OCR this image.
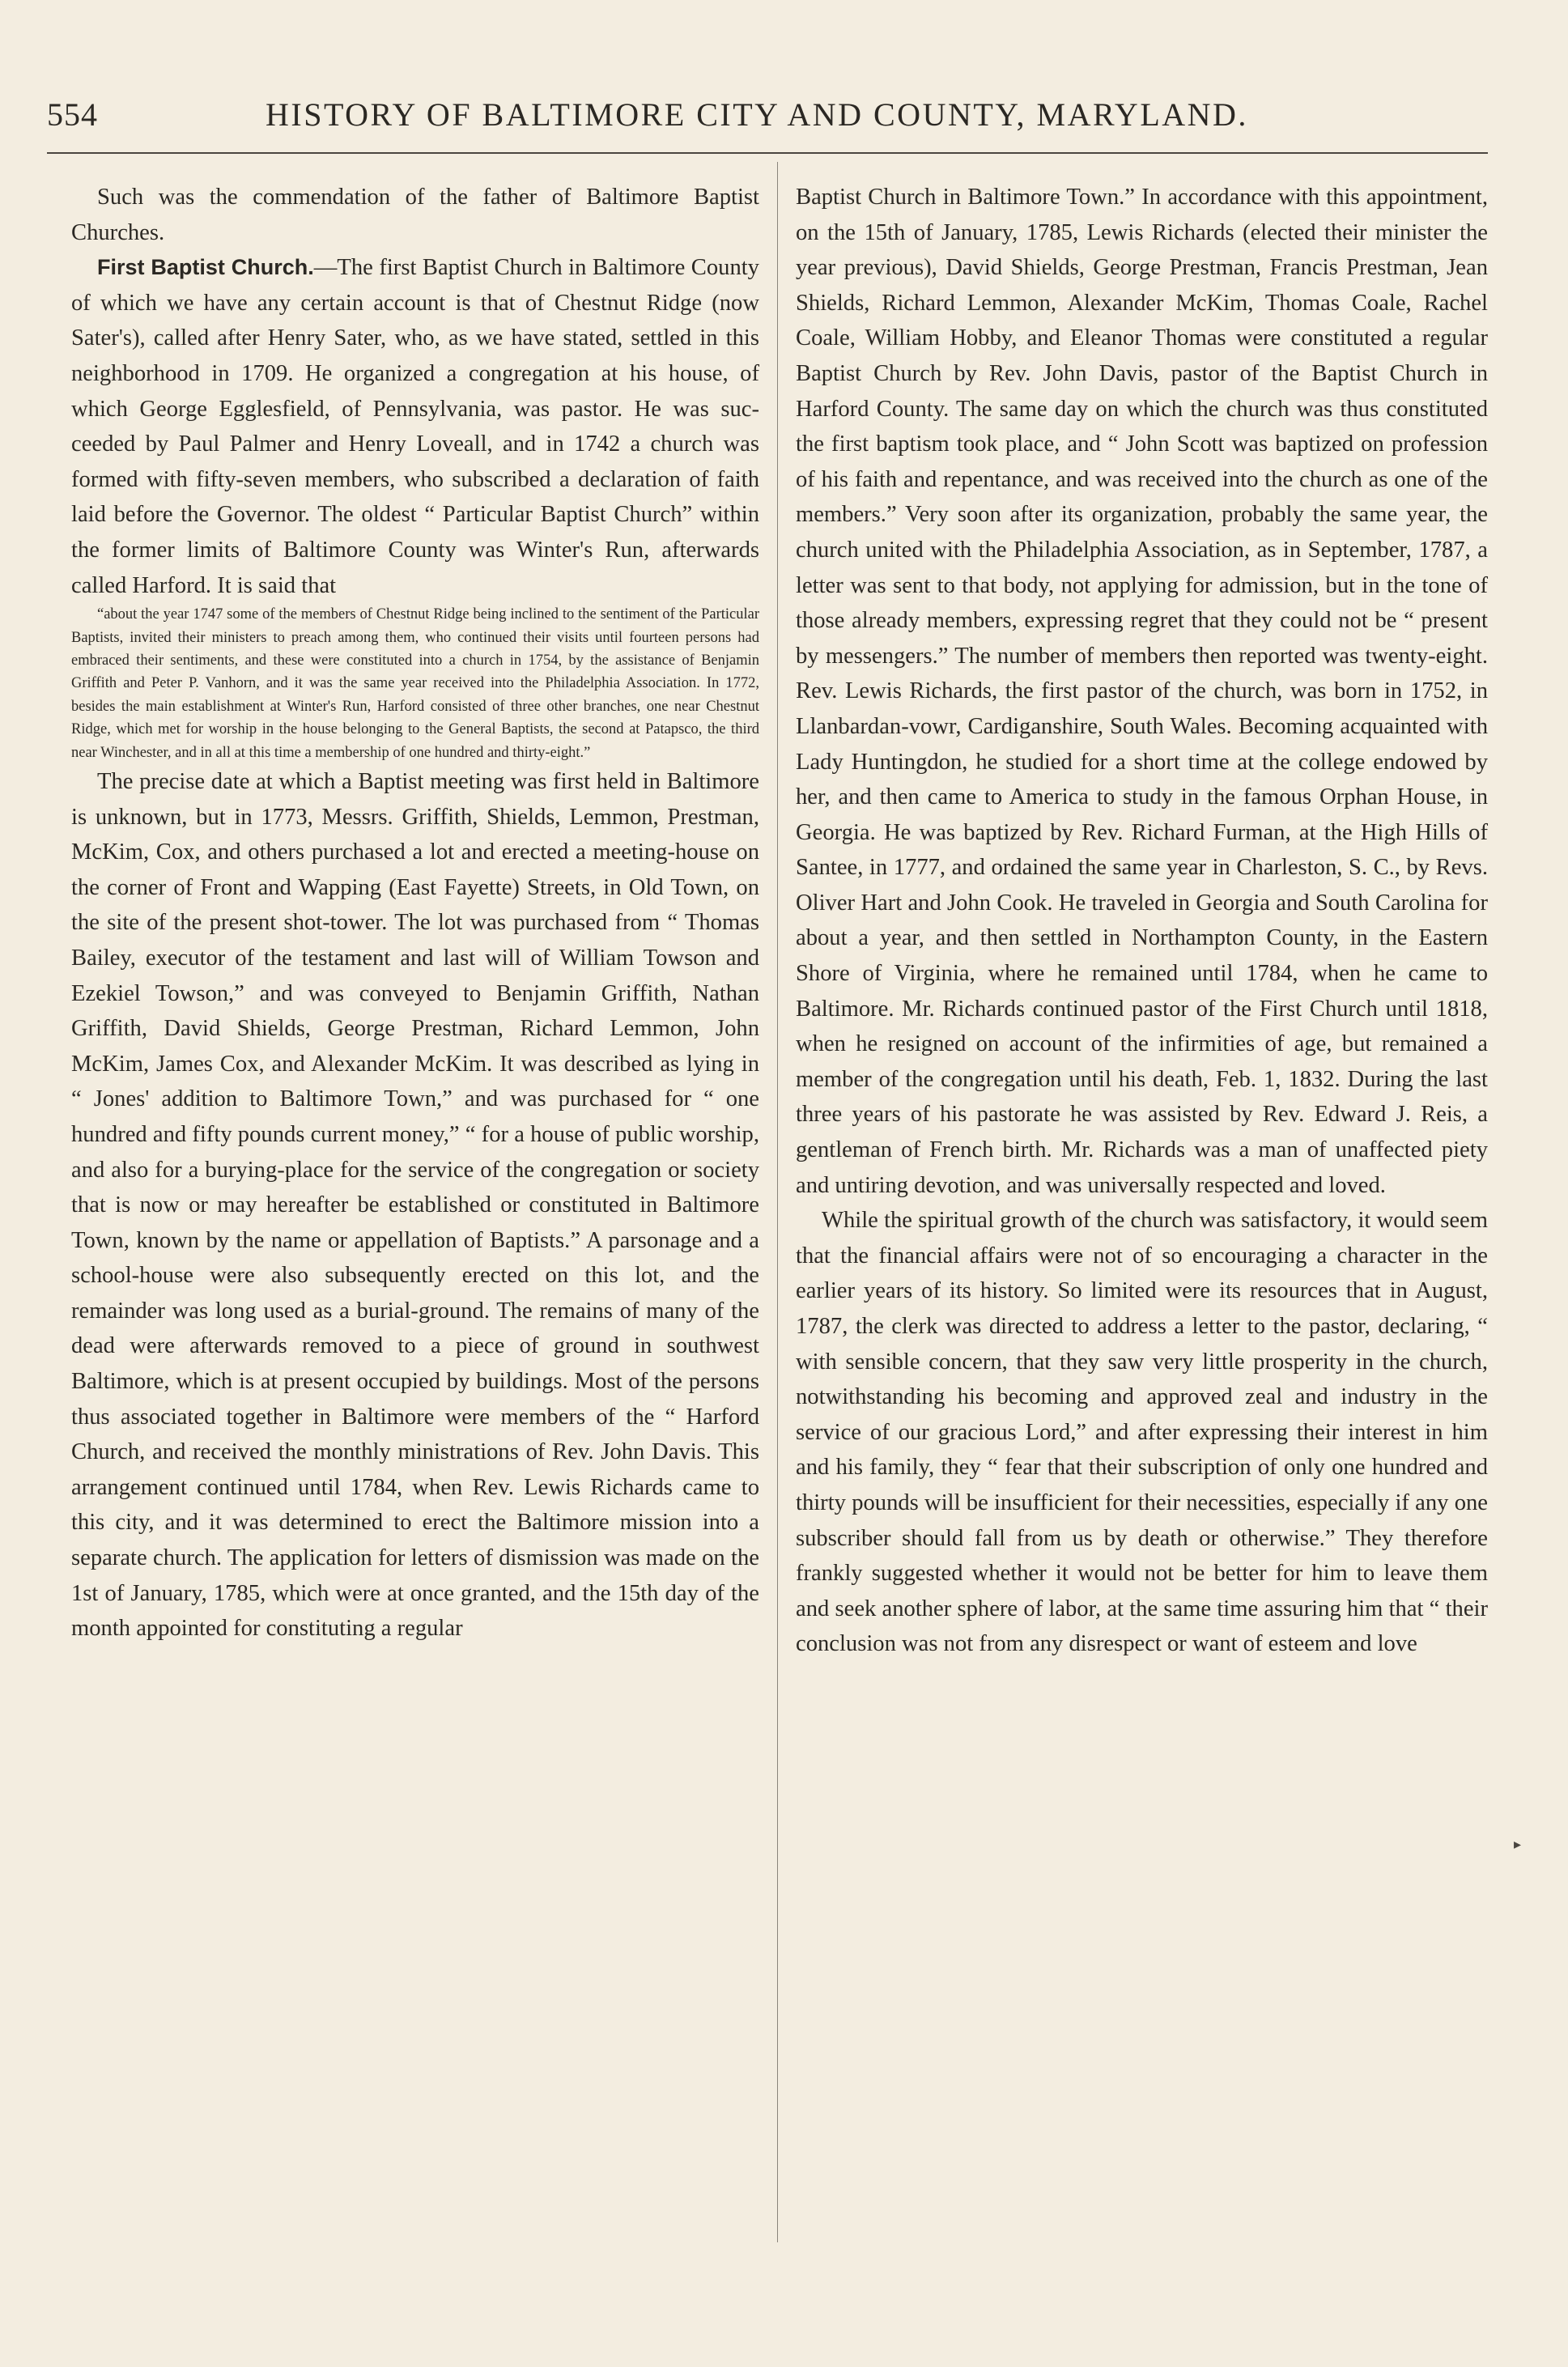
554	HISTORY OF BALTIMORE CITY AND COUNTY, MARYLAND.

Such was the commendation of the father of Baltimore Baptist Churches.

First Baptist Church.—The first Baptist Church in Baltimore County of which we have any certain account is that of Chestnut Ridge (now Sater's), called after Henry Sater, who, as we have stated, settled in this neighborhood in 1709. He organized a congregation at his house, of which George Egglesfield, of Pennsylvania, was pastor. He was succeeded by Paul Palmer and Henry Loveall, and in 1742 a church was formed with fifty-seven members, who subscribed a declaration of faith laid before the Governor. The oldest “ Particular Baptist Church” within the former limits of Baltimore County was Winter's Run, afterwards called Harford. It is said that

“about the year 1747 some of the members of Chestnut Ridge being inclined to the sentiment of the Particular Baptists, invited their ministers to preach among them, who continued their visits until fourteen persons had embraced their sentiments, and these were constituted into a church in 1754, by the assistance of Benjamin Griffith and Peter P. Vanhorn, and it was the same year received into the Philadelphia Association. In 1772, besides the main establishment at Winter's Run, Harford consisted of three other branches, one near Chestnut Ridge, which met for worship in the house belonging to the General Baptists, the second at Patapsco, the third near Winchester, and in all at this time a membership of one hundred and thirty-eight.”

The precise date at which a Baptist meeting was first held in Baltimore is unknown, but in 1773, Messrs. Griffith, Shields, Lemmon, Prestman, McKim, Cox, and others purchased a lot and erected a meeting-house on the corner of Front and Wapping (East Fayette) Streets, in Old Town, on the site of the present shot-tower. The lot was purchased from “ Thomas Bailey, executor of the testament and last will of William Towson and Ezekiel Towson,” and was conveyed to Benjamin Griffith, Nathan Griffith, David Shields, George Prestman, Richard Lemmon, John McKim, James Cox, and Alexander McKim. It was described as lying in “ Jones' addition to Baltimore Town,” and was purchased for “ one hundred and fifty pounds current money,” “ for a house of public worship, and also for a burying-place for the service of the congregation or society that is now or may hereafter be established or constituted in Baltimore Town, known by the name or appellation of Baptists.” A parsonage and a school-house were also subsequently erected on this lot, and the remainder was long used as a burial-ground. The remains of many of the dead were afterwards removed to a piece of ground in southwest Baltimore, which is at present occupied by buildings. Most of the persons thus associated together in Baltimore were members of the “ Harford Church, and received the monthly ministrations of Rev. John Davis. This arrangement continued until 1784, when Rev. Lewis Richards came to this city, and it was determined to erect the Baltimore mission into a separate church. The application for letters of dismission was made on the 1st of January, 1785, which were at once granted, and the 15th day of the month appointed for constituting a regular

Baptist Church in Baltimore Town.” In accordance with this appointment, on the 15th of January, 1785, Lewis Richards (elected their minister the year previous), David Shields, George Prestman, Francis Prestman, Jean Shields, Richard Lemmon, Alexander McKim, Thomas Coale, Rachel Coale, William Hobby, and Eleanor Thomas were constituted a regular Baptist Church by Rev. John Davis, pastor of the Baptist Church in Harford County. The same day on which the church was thus constituted the first baptism took place, and “ John Scott was baptized on profession of his faith and repentance, and was received into the church as one of the members.” Very soon after its organization, probably the same year, the church united with the Philadelphia Association, as in September, 1787, a letter was sent to that body, not applying for admission, but in the tone of those already members, expressing regret that they could not be “ present by messengers.” The number of members then reported was twenty-eight. Rev. Lewis Richards, the first pastor of the church, was born in 1752, in Llanbardan-vowr, Cardiganshire, South Wales. Becoming acquainted with Lady Huntingdon, he studied for a short time at the college endowed by her, and then came to America to study in the famous Orphan House, in Georgia. He was baptized by Rev. Richard Furman, at the High Hills of Santee, in 1777, and ordained the same year in Charleston, S. C., by Revs. Oliver Hart and John Cook. He traveled in Georgia and South Carolina for about a year, and then settled in Northampton County, in the Eastern Shore of Virginia, where he remained until 1784, when he came to Baltimore. Mr. Richards continued pastor of the First Church until 1818, when he resigned on account of the infirmities of age, but remained a member of the congregation until his death, Feb. 1, 1832. During the last three years of his pastorate he was assisted by Rev. Edward J. Reis, a gentleman of French birth. Mr. Richards was a man of unaffected piety and untiring devotion, and was universally respected and loved.

While the spiritual growth of the church was satisfactory, it would seem that the financial affairs were not of so encouraging a character in the earlier years of its history. So limited were its resources that in August, 1787, the clerk was directed to address a letter to the pastor, declaring, “ with sensible concern, that they saw very little prosperity in the church, notwithstanding his becoming and approved zeal and industry in the service of our gracious Lord,” and after expressing their interest in him and his family, they “ fear that their subscription of only one hundred and thirty pounds will be insufficient for their necessities, especially if any one subscriber should fall from us by death or otherwise.” They therefore frankly suggested whether it would not be better for him to leave them and seek another sphere of labor, at the same time assuring him that “ their conclusion was not from any disrespect or want of esteem and love

▸
